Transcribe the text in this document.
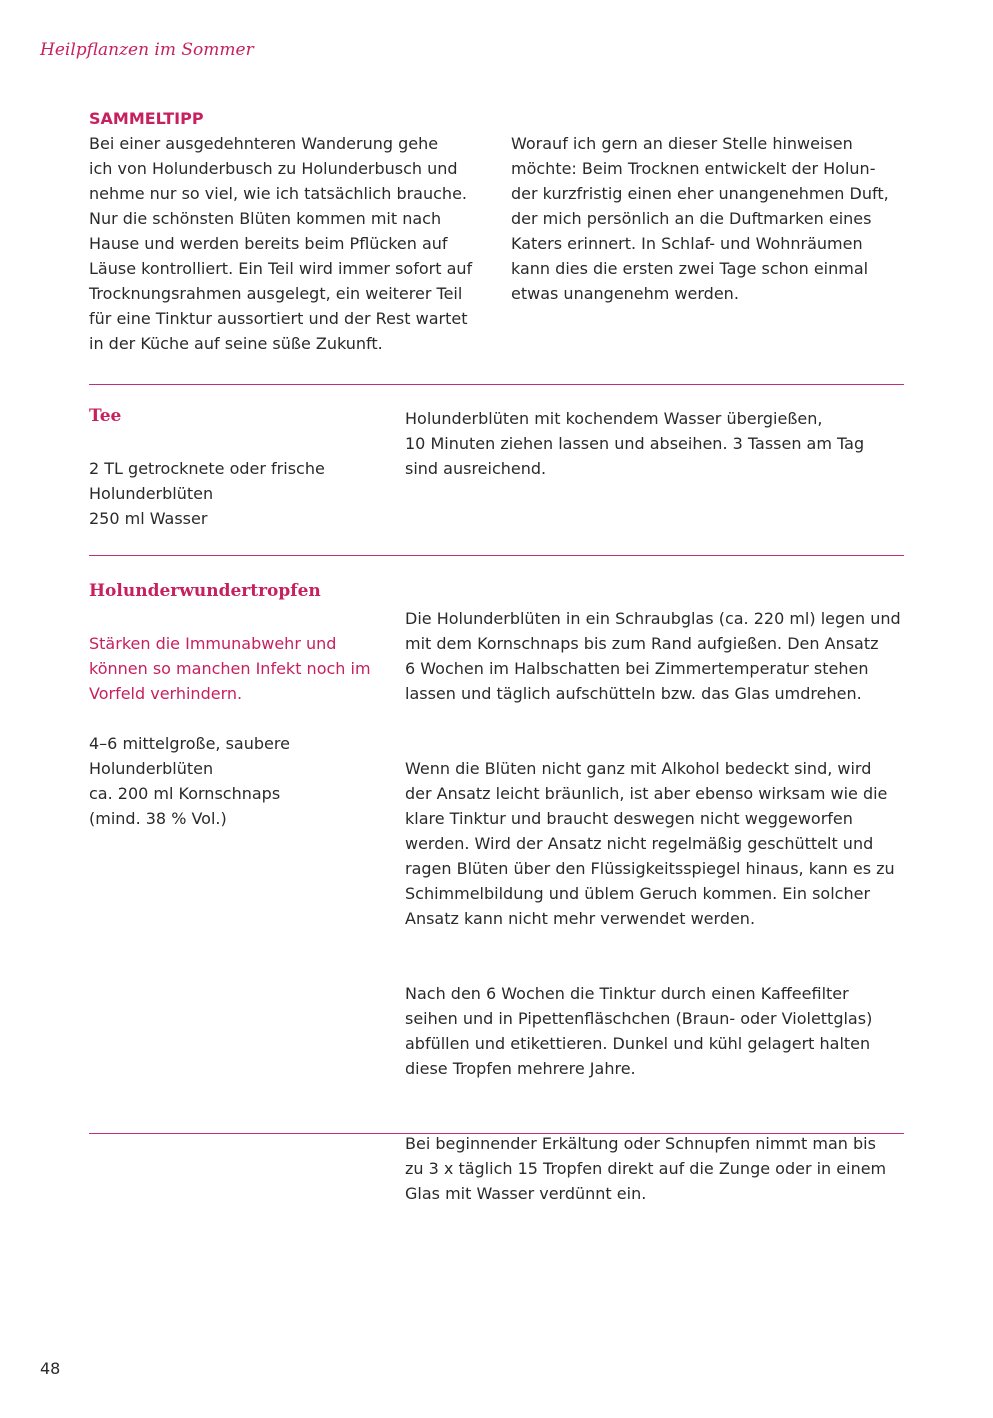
Heilpflanzen im Sommer
SAMMELTIPP
Bei einer ausgedehnteren Wanderung gehe
ich von Holunderbusch zu Holunderbusch und
nehme nur so viel, wie ich tatsächlich brauche.
Nur die schönsten Blüten kommen mit nach
Hause und werden bereits beim Pflücken auf
Läuse kontrolliert. Ein Teil wird immer sofort auf
Trocknungsrahmen ausgelegt, ein weiterer Teil
für eine Tinktur aussortiert und der Rest wartet
in der Küche auf seine süße Zukunft.
Worauf ich gern an dieser Stelle hinweisen
möchte: Beim Trocknen entwickelt der Holun-
der kurzfristig einen eher unangenehmen Duft,
der mich persönlich an die Duftmarken eines
Katers erinnert. In Schlaf- und Wohnräumen
kann dies die ersten zwei Tage schon einmal
etwas unangenehm werden.
Tee
2 TL getrocknete oder frische
Holunderblüten
250 ml Wasser
Holunderblüten mit kochendem Wasser übergießen,
10 Minuten ziehen lassen und abseihen. 3 Tassen am Tag
sind ausreichend.
Holunderwundertropfen
Stärken die Immunabwehr und
können so manchen Infekt noch im
Vorfeld verhindern.
4–6 mittelgroße, saubere
Holunderblüten
ca. 200 ml Kornschnaps
(mind. 38 % Vol.)

Die Holunderblüten in ein Schraubglas (ca. 220 ml) legen und
mit dem Kornschnaps bis zum Rand aufgießen. Den Ansatz
6 Wochen im Halbschatten bei Zimmertemperatur stehen
lassen und täglich aufschütteln bzw. das Glas umdrehen.

Wenn die Blüten nicht ganz mit Alkohol bedeckt sind, wird
der Ansatz leicht bräunlich, ist aber ebenso wirksam wie die
klare Tinktur und braucht deswegen nicht weggeworfen
werden. Wird der Ansatz nicht regelmäßig geschüttelt und
ragen Blüten über den Flüssigkeitsspiegel hinaus, kann es zu
Schimmelbildung und üblem Geruch kommen. Ein solcher
Ansatz kann nicht mehr verwendet werden.

Nach den 6 Wochen die Tinktur durch einen Kaffeefilter
seihen und in Pipettenfläschchen (Braun- oder Violettglas)
abfüllen und etikettieren. Dunkel und kühl gelagert halten
diese Tropfen mehrere Jahre.

Bei beginnender Erkältung oder Schnupfen nimmt man bis
zu 3 x täglich 15 Tropfen direkt auf die Zunge oder in einem
Glas mit Wasser verdünnt ein.

48
